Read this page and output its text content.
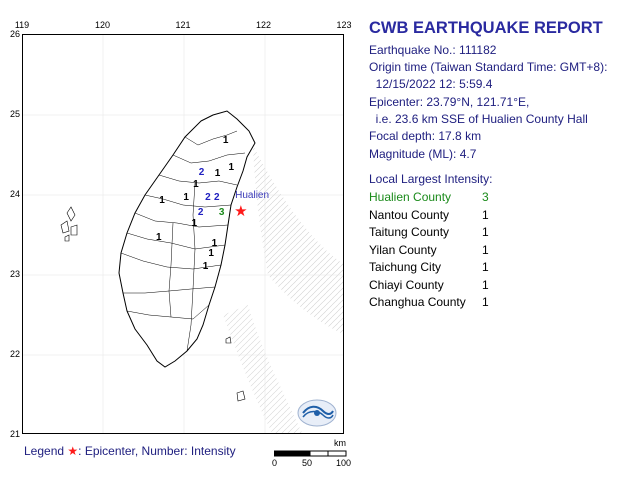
119	120	121	122	123
26
25
24
23
22
21
2
2 2
2 3
1
1
1
1
1
1
1
1
1
1
1
Hualien
★
CWB EARTHQUAKE REPORT
Earthquake No.: 111182
Origin time (Taiwan Standard Time: GMT+8):
12/15/2022 12: 5:59.4
Epicenter: 23.79°N, 121.71°E,
i.e. 23.6 km SSE of Hualien County Hall
Focal depth: 17.8 km
Magnitude (ML): 4.7
Local Largest Intensity:
Hualien County	3
Nantou County	1
Taitung County	1
Yilan County	1
Taichung City	1
Chiayi County	1
Changhua County 1
Legend ★: Epicenter, Number: Intensity
km
0	50	100
